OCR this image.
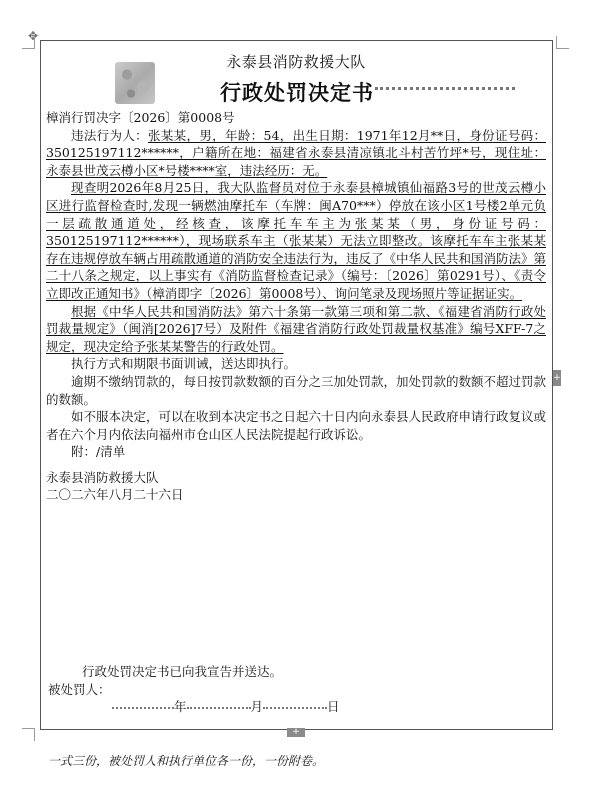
✥
+
+
永泰县消防救援大队
行政处罚决定书

樟消行罚决字〔2026〕第0008号

违法行为人：张某某，男，年龄：54，出生日期：1971年12月**日，身份证号码：350125197112******，户籍所在地：福建省永泰县清凉镇北斗村苦竹坪*号，现住址：永泰县世茂云樽小区*号楼****室，违法经历：无。

现查明2026年8月25日，我大队监督员对位于永泰县樟城镇仙福路3号的世茂云樽小区进行监督检查时,发现一辆燃油摩托车（车牌：闽A70***）停放在该小区1号楼2单元负一层疏散通道处，经核查，该摩托车车主为张某某（男，身份证号码：350125197112******），现场联系车主（张某某）无法立即整改。该摩托车车主张某某存在违规停放车辆占用疏散通道的消防安全违法行为，违反了《中华人民共和国消防法》第二十八条之规定，以上事实有《消防监督检查记录》（编号：〔2026〕第0291号）、《责令立即改正通知书》（樟消即字〔2026〕第0008号）、询问笔录及现场照片等证据证实。

根据《中华人民共和国消防法》第六十条第一款第三项和第二款、《福建省消防行政处罚裁量规定》（闽消[2026]7号）及附件《福建省消防行政处罚裁量权基准》编号XFF-7之规定，现决定给予张某某警告的行政处罚。

执行方式和期限书面训诫，送达即执行。

逾期不缴纳罚款的，每日按罚款数额的百分之三加处罚款，加处罚款的数额不超过罚款的数额。

如不服本决定，可以在收到本决定书之日起六十日内向永泰县人民政府申请行政复议或者在六个月内依法向福州市仓山区人民法院提起行政诉讼。

附：/清单

永泰县消防救援大队

二〇二六年八月二十六日

行政处罚决定书已向我宣告并送达。
被处罚人：
年	月	日
一式三份，被处罚人和执行单位各一份，一份附卷。
